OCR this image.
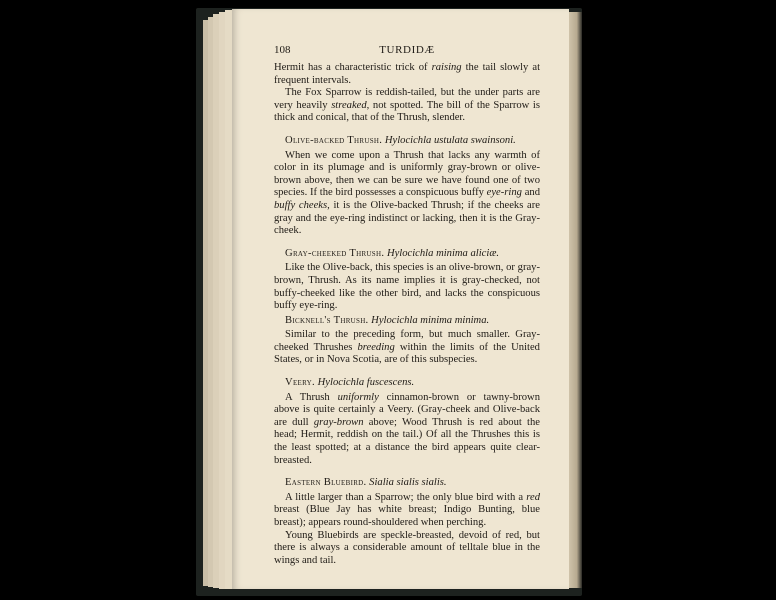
108	TURDIDÆ

Hermit has a characteristic trick of raising the tail slowly at frequent intervals.

The Fox Sparrow is reddish-tailed, but the under parts are very heavily streaked, not spotted. The bill of the Sparrow is thick and conical, that of the Thrush, slender.

Olive-backed Thrush. Hylocichla ustulata swainsoni.

When we come upon a Thrush that lacks any warmth of color in its plumage and is uniformly gray-brown or olive-brown above, then we can be sure we have found one of two species. If the bird possesses a conspicuous buffy eye-ring and buffy cheeks, it is the Olive-backed Thrush; if the cheeks are gray and the eye-ring indistinct or lacking, then it is the Gray-cheek.

Gray-cheeked Thrush. Hylocichla minima aliciæ.

Like the Olive-back, this species is an olive-brown, or gray-brown, Thrush. As its name implies it is gray-checked, not buffy-cheeked like the other bird, and lacks the conspicuous buffy eye-ring.

Bicknell's Thrush. Hylocichla minima minima.

Similar to the preceding form, but much smaller. Gray-cheeked Thrushes breeding within the limits of the United States, or in Nova Scotia, are of this subspecies.

Veery. Hylocichla fuscescens.

A Thrush uniformly cinnamon-brown or tawny-brown above is quite certainly a Veery. (Gray-cheek and Olive-back are dull gray-brown above; Wood Thrush is red about the head; Hermit, reddish on the tail.) Of all the Thrushes this is the least spotted; at a distance the bird appears quite clear-breasted.

Eastern Bluebird. Sialia sialis sialis.

A little larger than a Sparrow; the only blue bird with a red breast (Blue Jay has white breast; Indigo Bunting, blue breast); appears round-shouldered when perching.

Young Bluebirds are speckle-breasted, devoid of red, but there is always a considerable amount of telltale blue in the wings and tail.
